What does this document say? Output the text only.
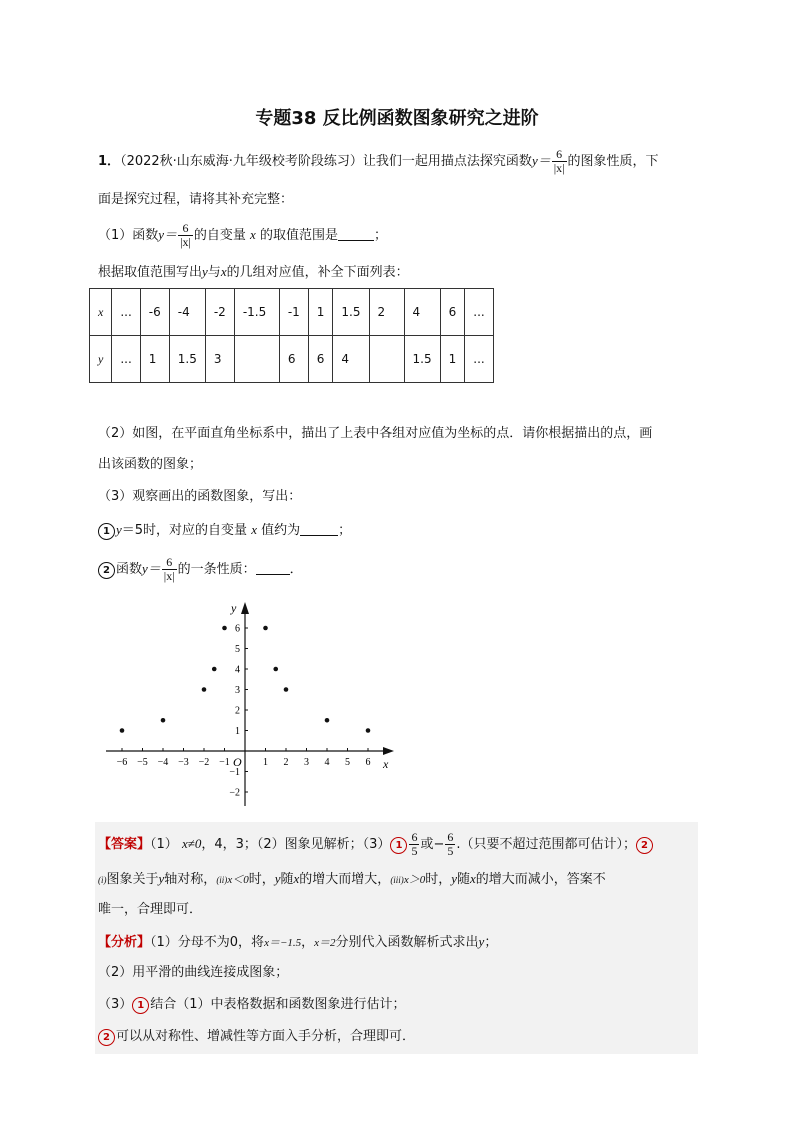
专题38 反比例函数图象研究之进阶
1．（2022秋·山东威海·九年级校考阶段练习）让我们一起用描点法探究函数$y= \frac{6}{|x|}$ 的图象性质，下
面是探究过程，请将其补充完整：
（1）函数$y= \frac{6}{|x|}$ 的自变量 x 的取值范围是	；
根据取值范围写出y与x的几组对应值，补全下面列表：
x	...	-6	-4	-2	-1.5	-1	1	1.5	2	4	6	...
y	...	1	1.5	3		6	6	4		1.5	1	...
（2）如图，在平面直角坐标系中，描出了上表中各组对应值为坐标的点．请你根据描出的点，画
出该函数的图象；
（3）观察画出的函数图象，写出：
1 y＝5时，对应的自变量 x 值约为	；
2 函数$y= \frac{6}{|x|}$ 的一条性质：	．
x
y
O
−6 −5 −4 −3 −2 −1	1 2 3 4 5 6
−2
−1
1
2
3
4
5
6
【答案】（1） x≠0，4，3；（2）图象见解析；（3） $1 \frac{6}{5}$ 或− $\frac{6}{5}$ .（只要不超过范围都可估计）； 2
(i)图象关于y轴对称，(ii)x＜0时，y随x的增大而增大，(iii)x＞0时，y随x的增大而减小，答案不
唯一，合理即可．
【分析】（1）分母不为0，将x＝−1.5，x＝2分别代入函数解析式求出y；
（2）用平滑的曲线连接成图象；
（3） 1 结合（1）中表格数据和函数图象进行估计；
2 可以从对称性、增减性等方面入手分析，合理即可．
